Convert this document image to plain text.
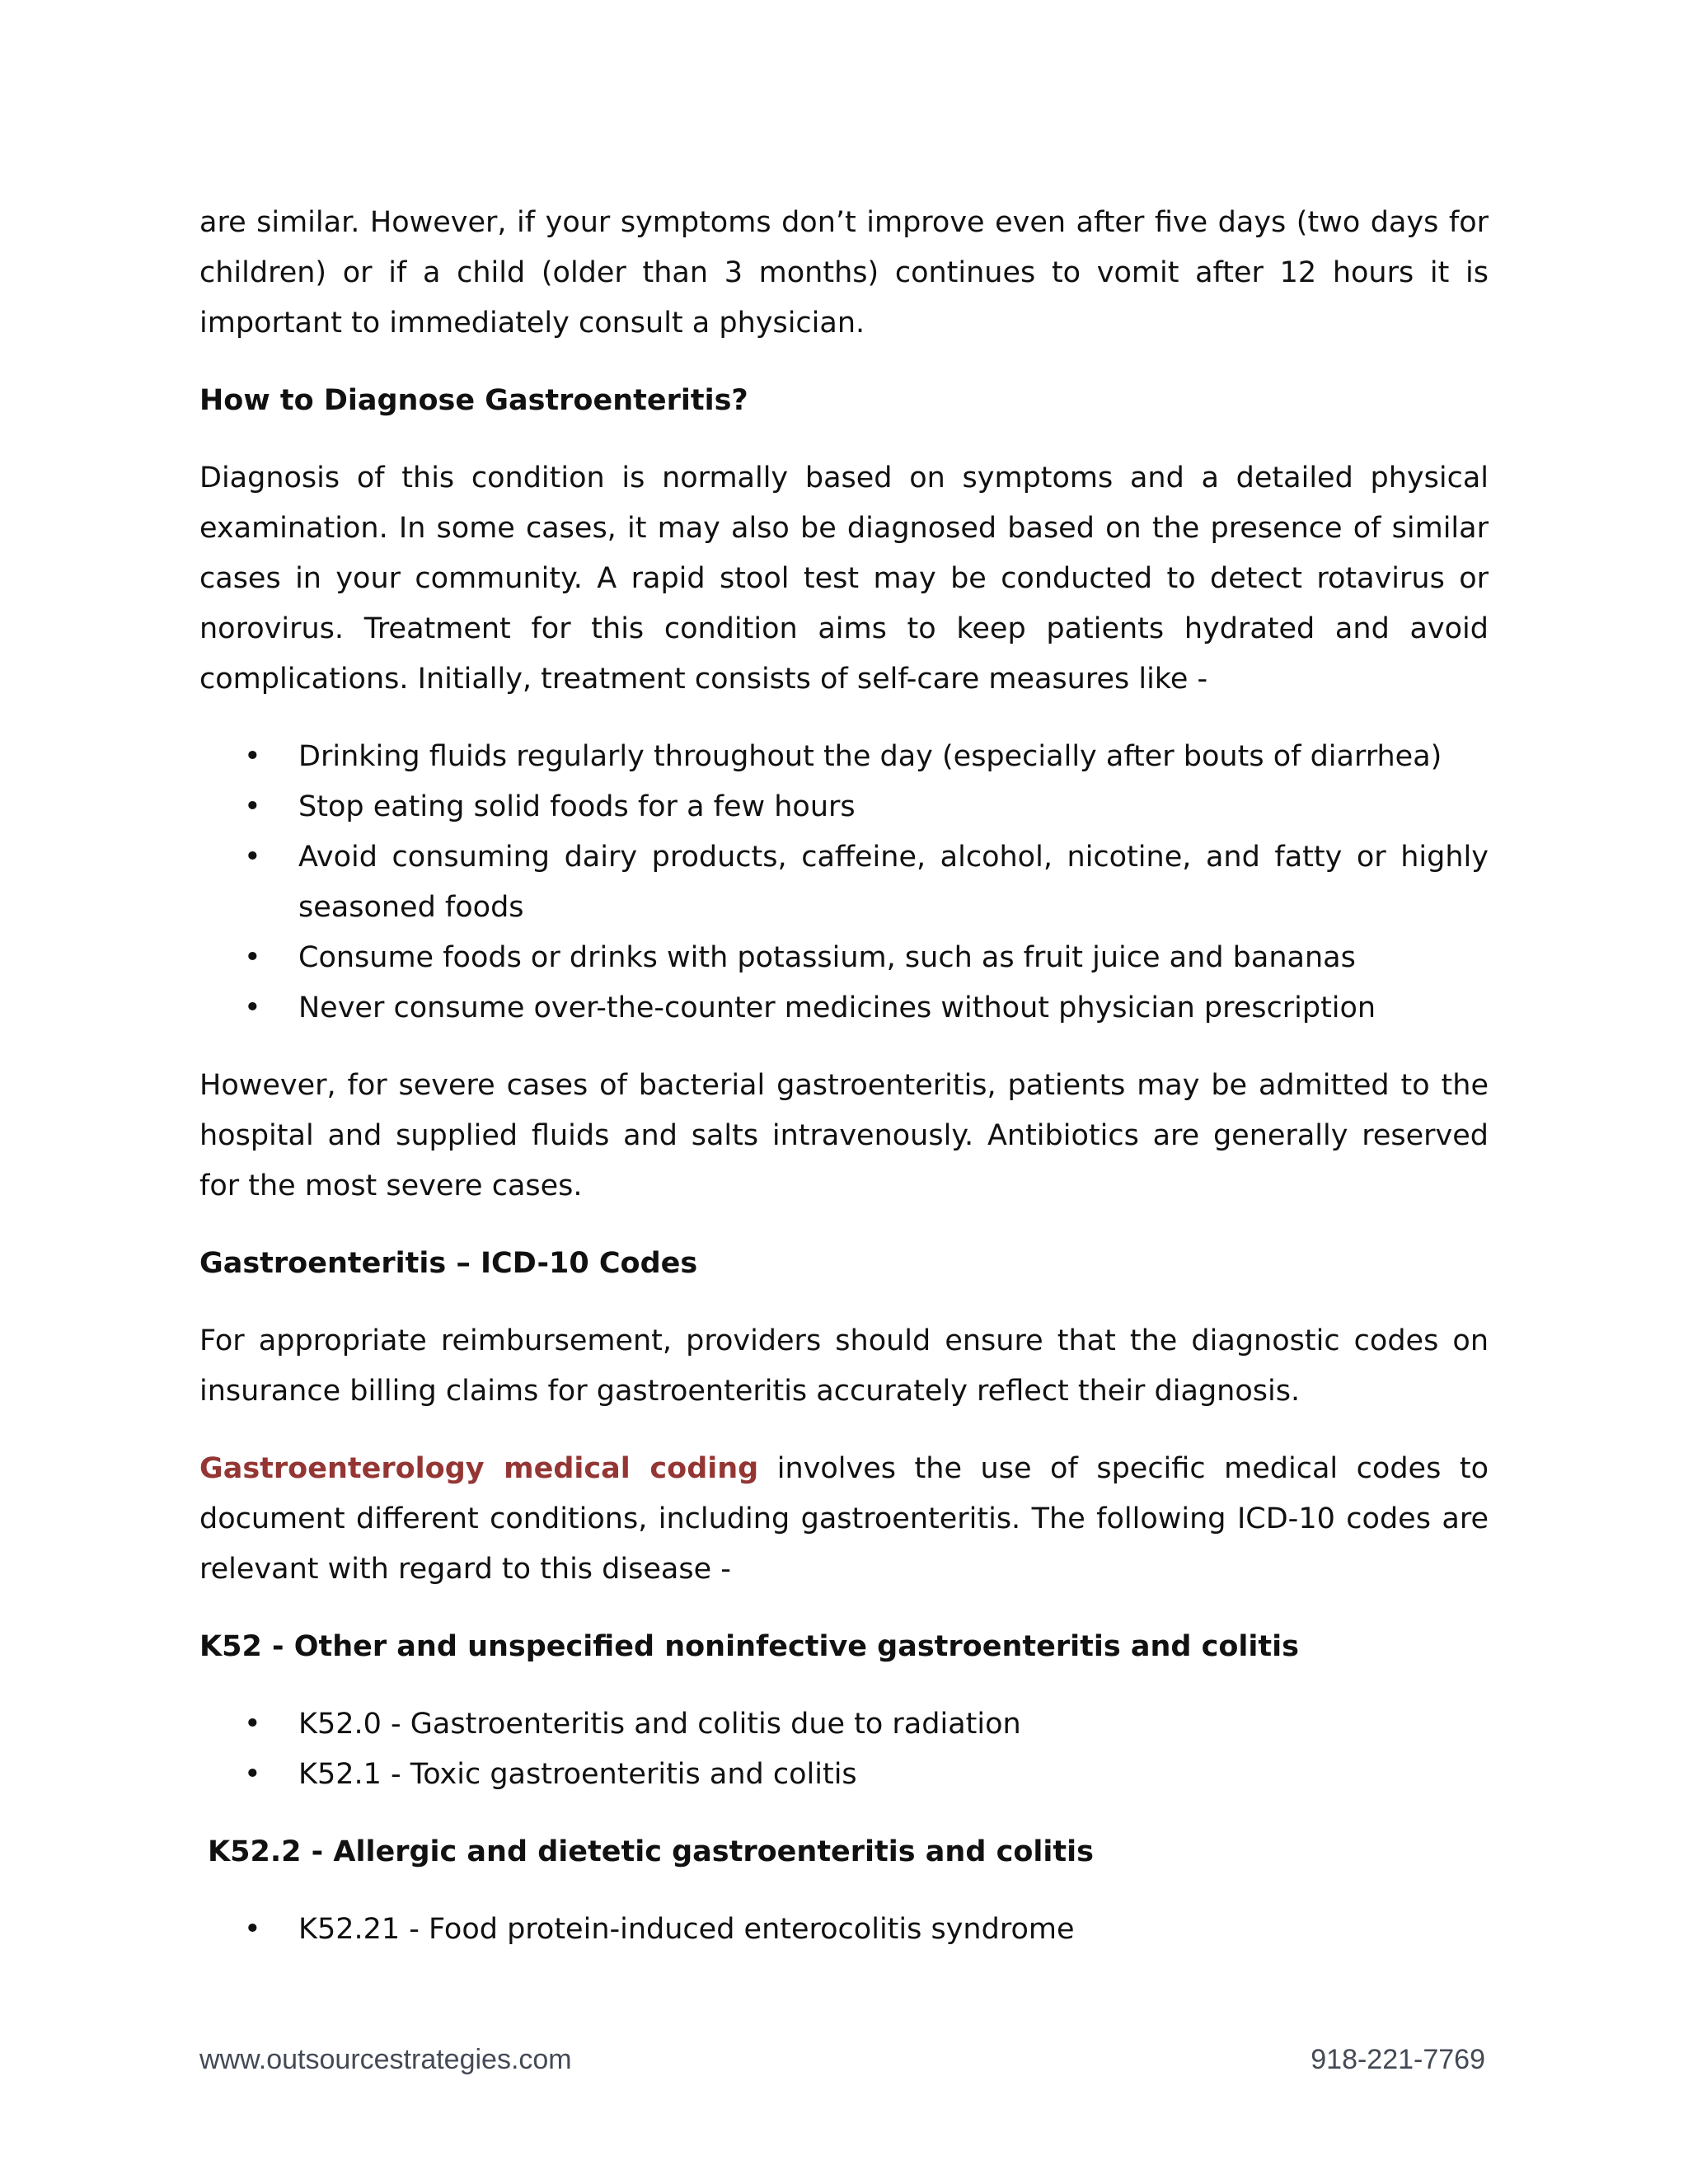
are similar. However, if your symptoms don’t improve even after five days (two days for children) or if a child (older than 3 months) continues to vomit after 12 hours it is important to immediately consult a physician.

How to Diagnose Gastroenteritis?

Diagnosis of this condition is normally based on symptoms and a detailed physical examination. In some cases, it may also be diagnosed based on the presence of similar cases in your community. A rapid stool test may be conducted to detect rotavirus or norovirus. Treatment for this condition aims to keep patients hydrated and avoid complications. Initially, treatment consists of self-care measures like -

• Drinking fluids regularly throughout the day (especially after bouts of diarrhea)
• Stop eating solid foods for a few hours
• Avoid consuming dairy products, caffeine, alcohol, nicotine, and fatty or highly seasoned foods
• Consume foods or drinks with potassium, such as fruit juice and bananas
• Never consume over-the-counter medicines without physician prescription

However, for severe cases of bacterial gastroenteritis, patients may be admitted to the hospital and supplied fluids and salts intravenously. Antibiotics are generally reserved for the most severe cases.

Gastroenteritis – ICD-10 Codes

For appropriate reimbursement, providers should ensure that the diagnostic codes on insurance billing claims for gastroenteritis accurately reflect their diagnosis.

Gastroenterology medical coding involves the use of specific medical codes to document different conditions, including gastroenteritis. The following ICD-10 codes are relevant with regard to this disease -

K52 - Other and unspecified noninfective gastroenteritis and colitis
• K52.0 - Gastroenteritis and colitis due to radiation
• K52.1 - Toxic gastroenteritis and colitis
K52.2 - Allergic and dietetic gastroenteritis and colitis
• K52.21 - Food protein-induced enterocolitis syndrome
www.outsourcestrategies.com	918-221-7769
